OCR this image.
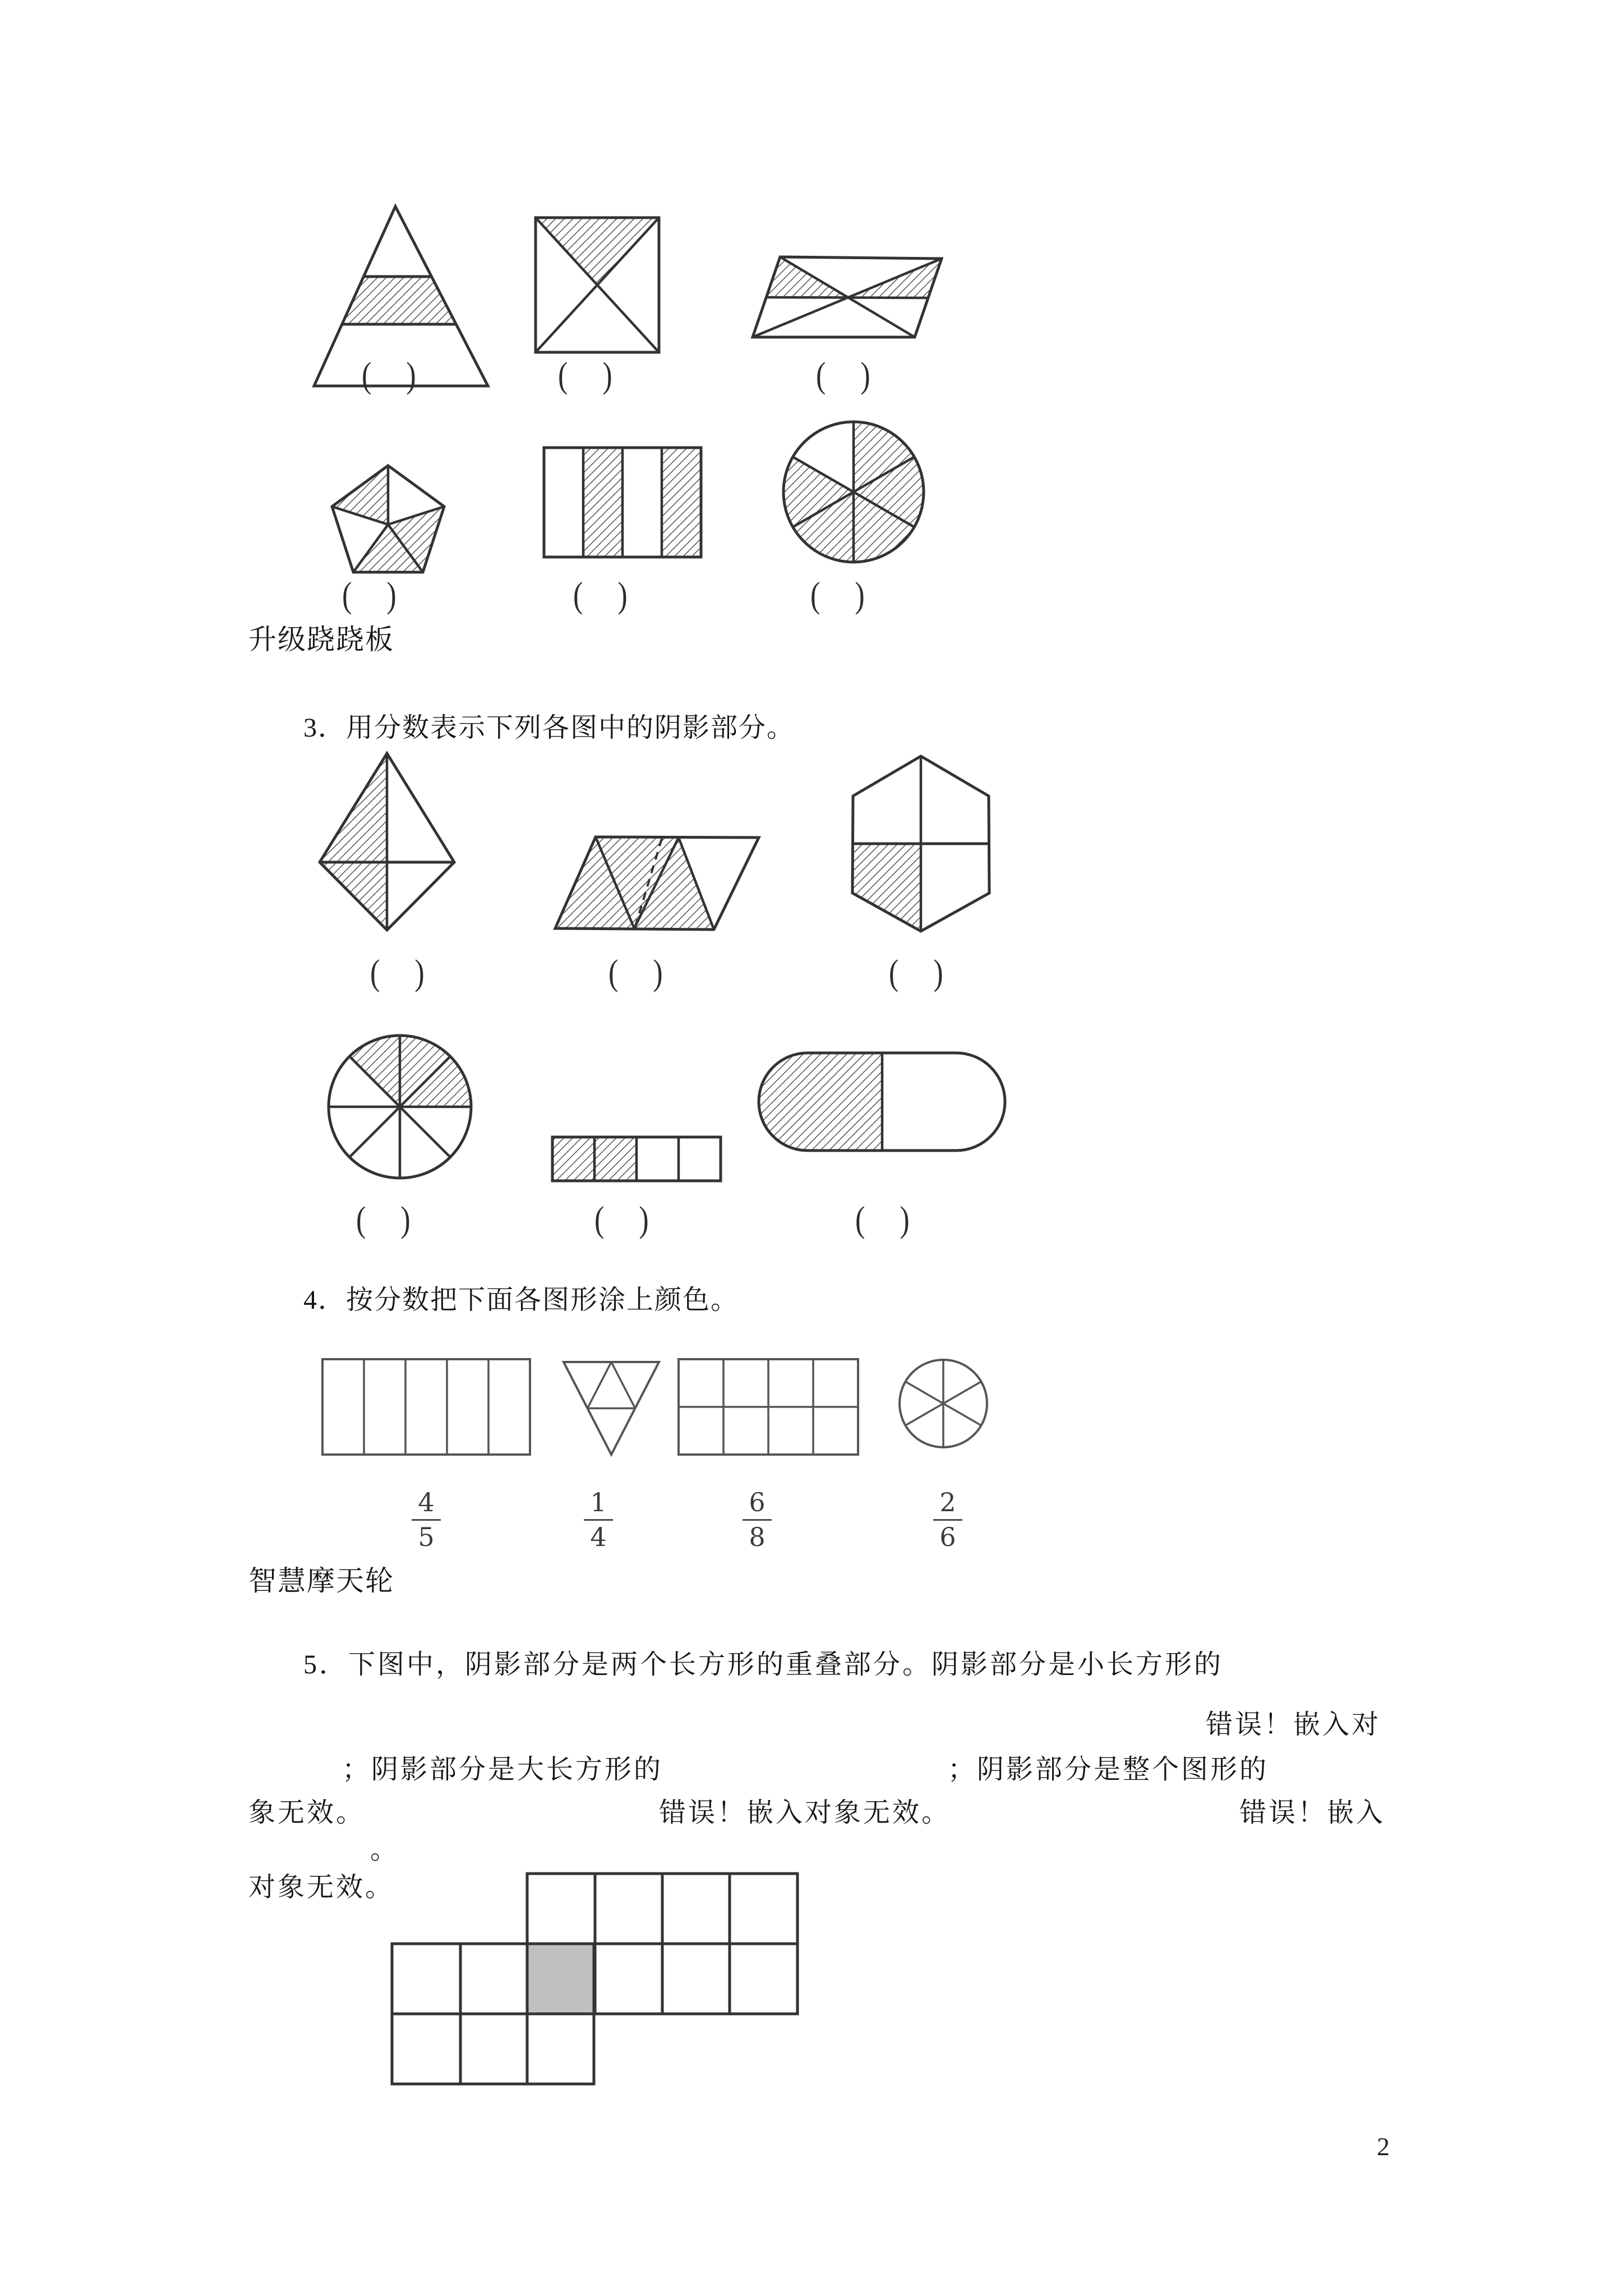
( )	( )	( )
( )	( )	( )
升级跷跷板
3．用分数表示下列各图中的阴影部分。
( )	( )	( )
( )	( )	( )
4．按分数把下面各图形涂上颜色。
$\frac{4}{5}$	$\frac{1}{4}$	$\frac{6}{8}$	$\frac{2}{6}$
智慧摩天轮
5．下图中，阴影部分是两个长方形的重叠部分。阴影部分是小长方形的
错误！嵌入对
；阴影部分是大长方形的	；阴影部分是整个图形的
象无效。	错误！嵌入对象无效。	错误！嵌入
。
对象无效。
2
